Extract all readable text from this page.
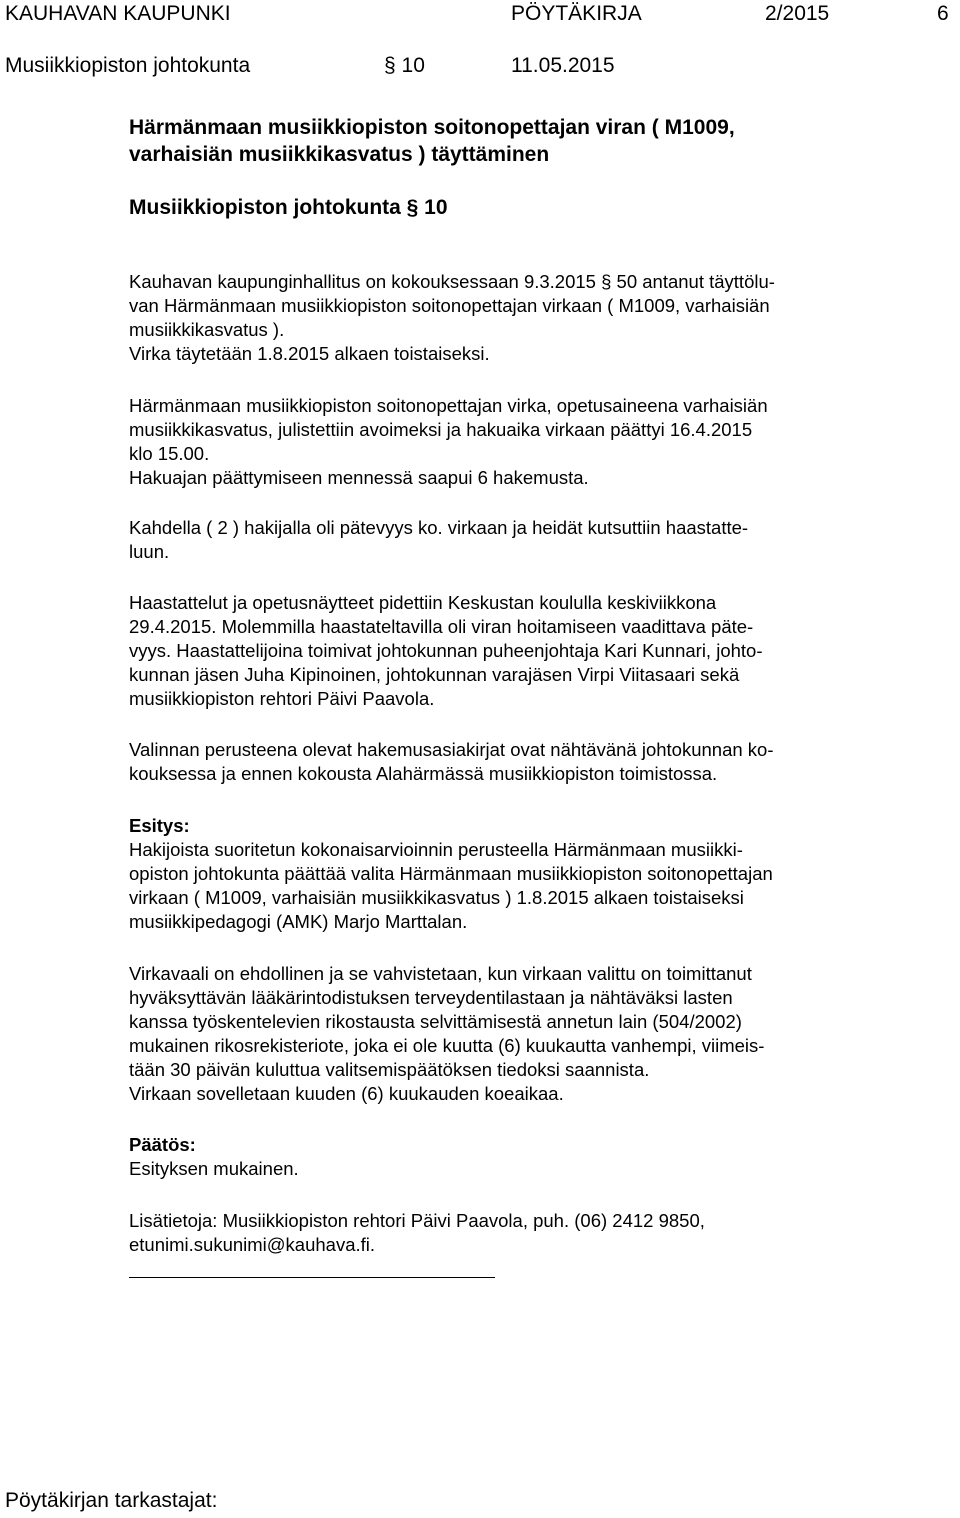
KAUHAVAN KAUPUNKI	PÖYTÄKIRJA	2/2015	6
Musiikkiopiston johtokunta	§ 10	11.05.2015
Härmänmaan musiikkiopiston soitonopettajan viran ( M1009,
varhaisiän musiikkikasvatus ) täyttäminen
Musiikkiopiston johtokunta § 10

Kauhavan kaupunginhallitus on kokouksessaan 9.3.2015 § 50 antanut täyttölu-

van Härmänmaan musiikkiopiston soitonopettajan virkaan ( M1009, varhaisiän

musiikkikasvatus ).

Virka täytetään 1.8.2015 alkaen toistaiseksi.

Härmänmaan musiikkiopiston soitonopettajan virka, opetusaineena varhaisiän

musiikkikasvatus, julistettiin avoimeksi ja hakuaika virkaan päättyi 16.4.2015

klo 15.00.

Hakuajan päättymiseen mennessä saapui 6 hakemusta.

Kahdella ( 2 ) hakijalla oli pätevyys ko. virkaan ja heidät kutsuttiin haastatte-

luun.

Haastattelut ja opetusnäytteet pidettiin Keskustan koululla keskiviikkona

29.4.2015. Molemmilla haastateltavilla oli viran hoitamiseen vaadittava päte-

vyys. Haastattelijoina toimivat johtokunnan puheenjohtaja Kari Kunnari, johto-

kunnan jäsen Juha Kipinoinen, johtokunnan varajäsen Virpi Viitasaari sekä

musiikkiopiston rehtori Päivi Paavola.

Valinnan perusteena olevat hakemusasiakirjat ovat nähtävänä johtokunnan ko-

kouksessa ja ennen kokousta Alahärmässä musiikkiopiston toimistossa.

Esitys:

Hakijoista suoritetun kokonaisarvioinnin perusteella Härmänmaan musiikki-

opiston johtokunta päättää valita Härmänmaan musiikkiopiston soitonopettajan

virkaan ( M1009, varhaisiän musiikkikasvatus ) 1.8.2015 alkaen toistaiseksi

musiikkipedagogi (AMK) Marjo Marttalan.

Virkavaali on ehdollinen ja se vahvistetaan, kun virkaan valittu on toimittanut

hyväksyttävän lääkärintodistuksen terveydentilastaan ja nähtäväksi lasten

kanssa työskentelevien rikostausta selvittämisestä annetun lain (504/2002)

mukainen rikosrekisteriote, joka ei ole kuutta (6) kuukautta vanhempi, viimeis-

tään 30 päivän kuluttua valitsemispäätöksen tiedoksi saannista.

Virkaan sovelletaan kuuden (6) kuukauden koeaikaa.

Päätös:

Esityksen mukainen.

Lisätietoja: Musiikkiopiston rehtori Päivi Paavola, puh. (06) 2412 9850,

etunimi.sukunimi@kauhava.fi.

Pöytäkirjan tarkastajat:
